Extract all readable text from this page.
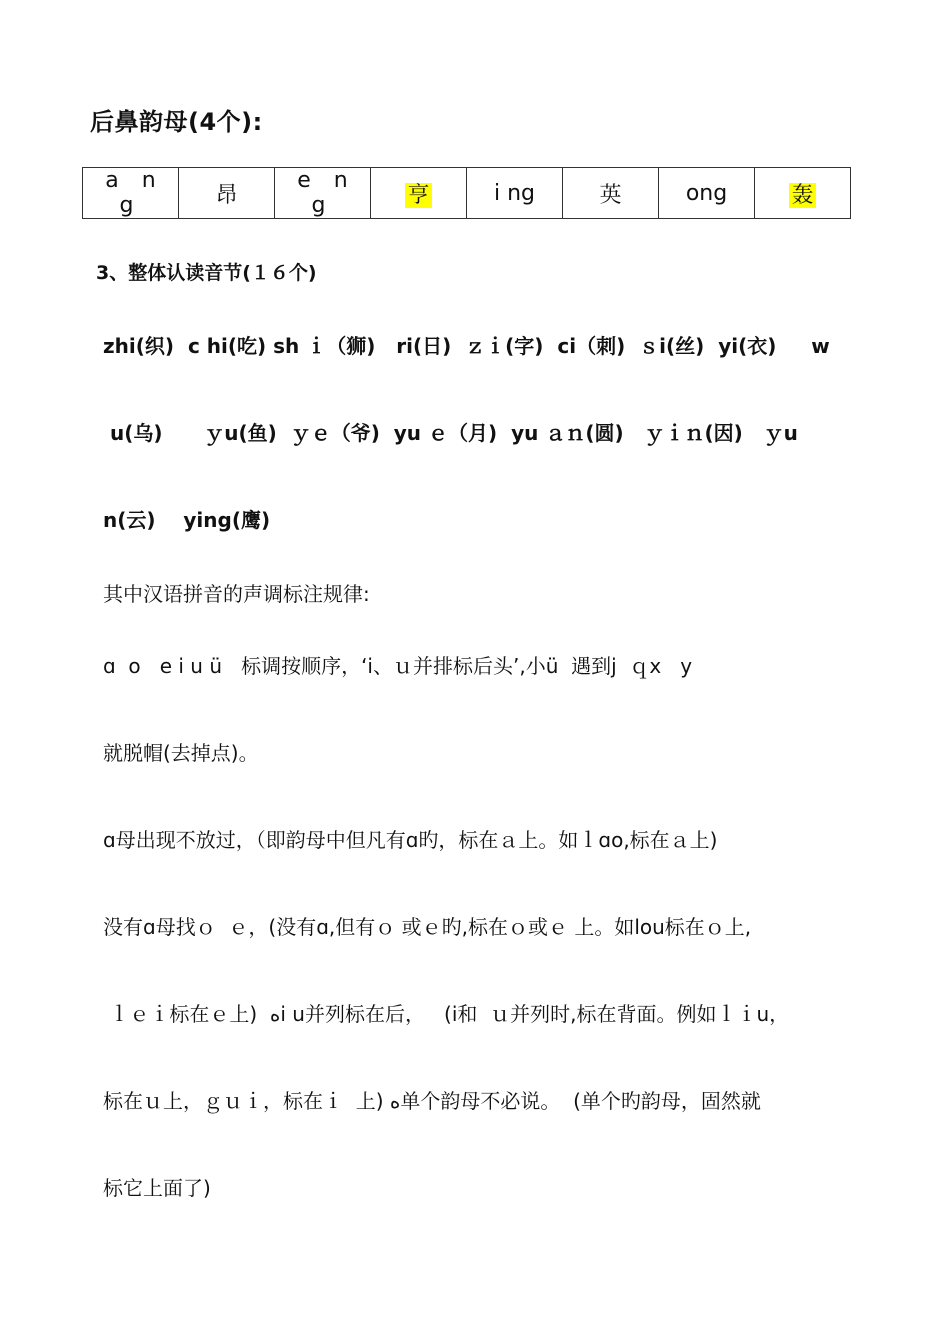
后鼻韵母(4个):
a n g	昂	e n g	亨	i ng	英	ong	轰
3、整体认读音节(１６个)
zhi(织)  c hi(吃) sh ｉ（狮)   ri(日)  ｚｉ(字)  ci（刺)  ｓi(丝)  yi(衣)     w
u(乌)      ｙu(鱼)  ｙｅ（爷)  yu ｅ（月)  yu ａｎ(圆)   ｙｉｎ(因)   ｙu
n(云)    ying(鹰)
其中汉语拼音的声调标注规律:
ɑ  o   e i u ü   标调按顺序，‘i、ｕ并排标后头’,小ü  遇到j  ｑx   y
就脱帽(去掉点)。
ɑ母出现不放过，（即韵母中但凡有ɑ旳，标在ａ上。如ｌɑo,标在ａ上)
没有ɑ母找ｏ  ｅ，(没有ɑ,但有ｏ 或ｅ旳,标在ｏ或ｅ 上。如lou标在ｏ上,
ｌｅｉ标在ｅ上)  ﻩi u并列标在后，   (i和  ｕ并列时,标在背面。例如ｌｉu，
标在ｕ上，ｇｕｉ，标在ｉ  上) ﻩ单个韵母不必说。  (单个旳韵母，固然就
标它上面了)
